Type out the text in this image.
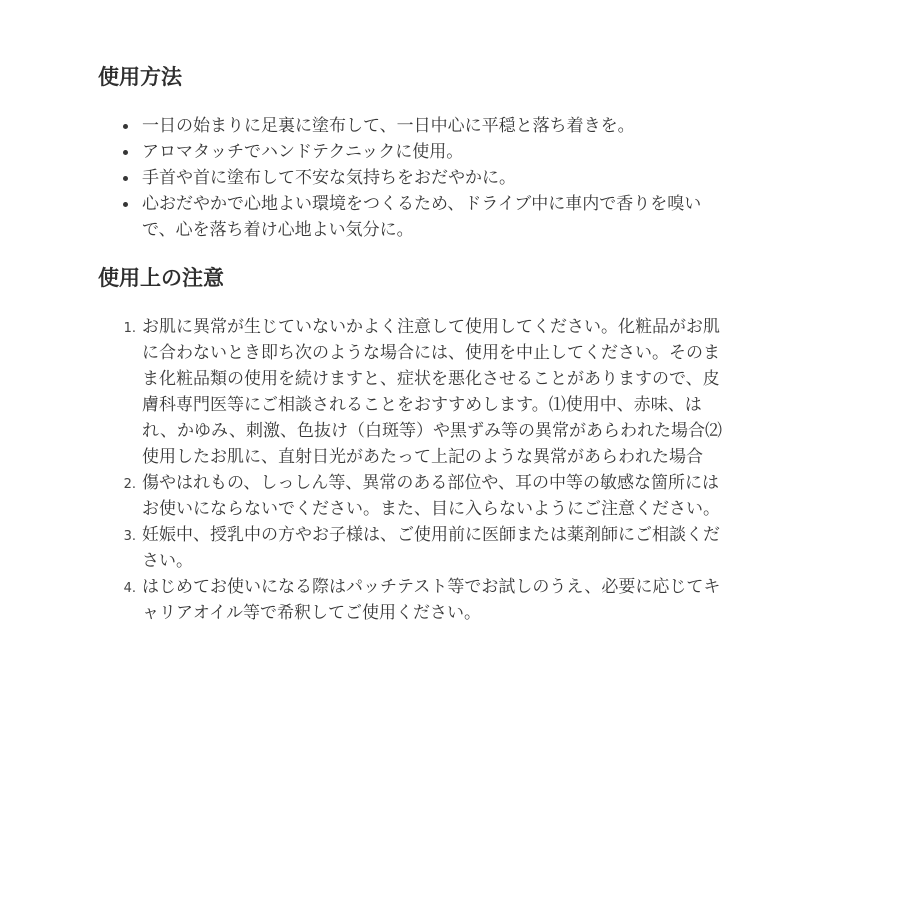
使用方法
一日の始まりに足裏に塗布して、一日中心に平穏と落ち着きを。
アロマタッチでハンドテクニックに使用。
手首や首に塗布して不安な気持ちをおだやかに。
心おだやかで心地よい環境をつくるため、ドライブ中に車内で香りを嗅いで、心を落ち着け心地よい気分に。
使用上の注意
1. お肌に異常が生じていないかよく注意して使用してください。化粧品がお肌に合わないとき即ち次のような場合には、使用を中止してください。そのまま化粧品類の使用を続けますと、症状を悪化させることがありますので、皮膚科専門医等にご相談されることをおすすめします。⑴使用中、赤味、はれ、かゆみ、刺激、色抜け（白斑等）や黒ずみ等の異常があらわれた場合⑵使用したお肌に、直射日光があたって上記のような異常があらわれた場合
2. 傷やはれもの、しっしん等、異常のある部位や、耳の中等の敏感な箇所にはお使いにならないでください。また、目に入らないようにご注意ください。
3. 妊娠中、授乳中の方やお子様は、ご使用前に医師または薬剤師にご相談ください。
4. はじめてお使いになる際はパッチテスト等でお試しのうえ、必要に応じてキャリアオイル等で希釈してご使用ください。
